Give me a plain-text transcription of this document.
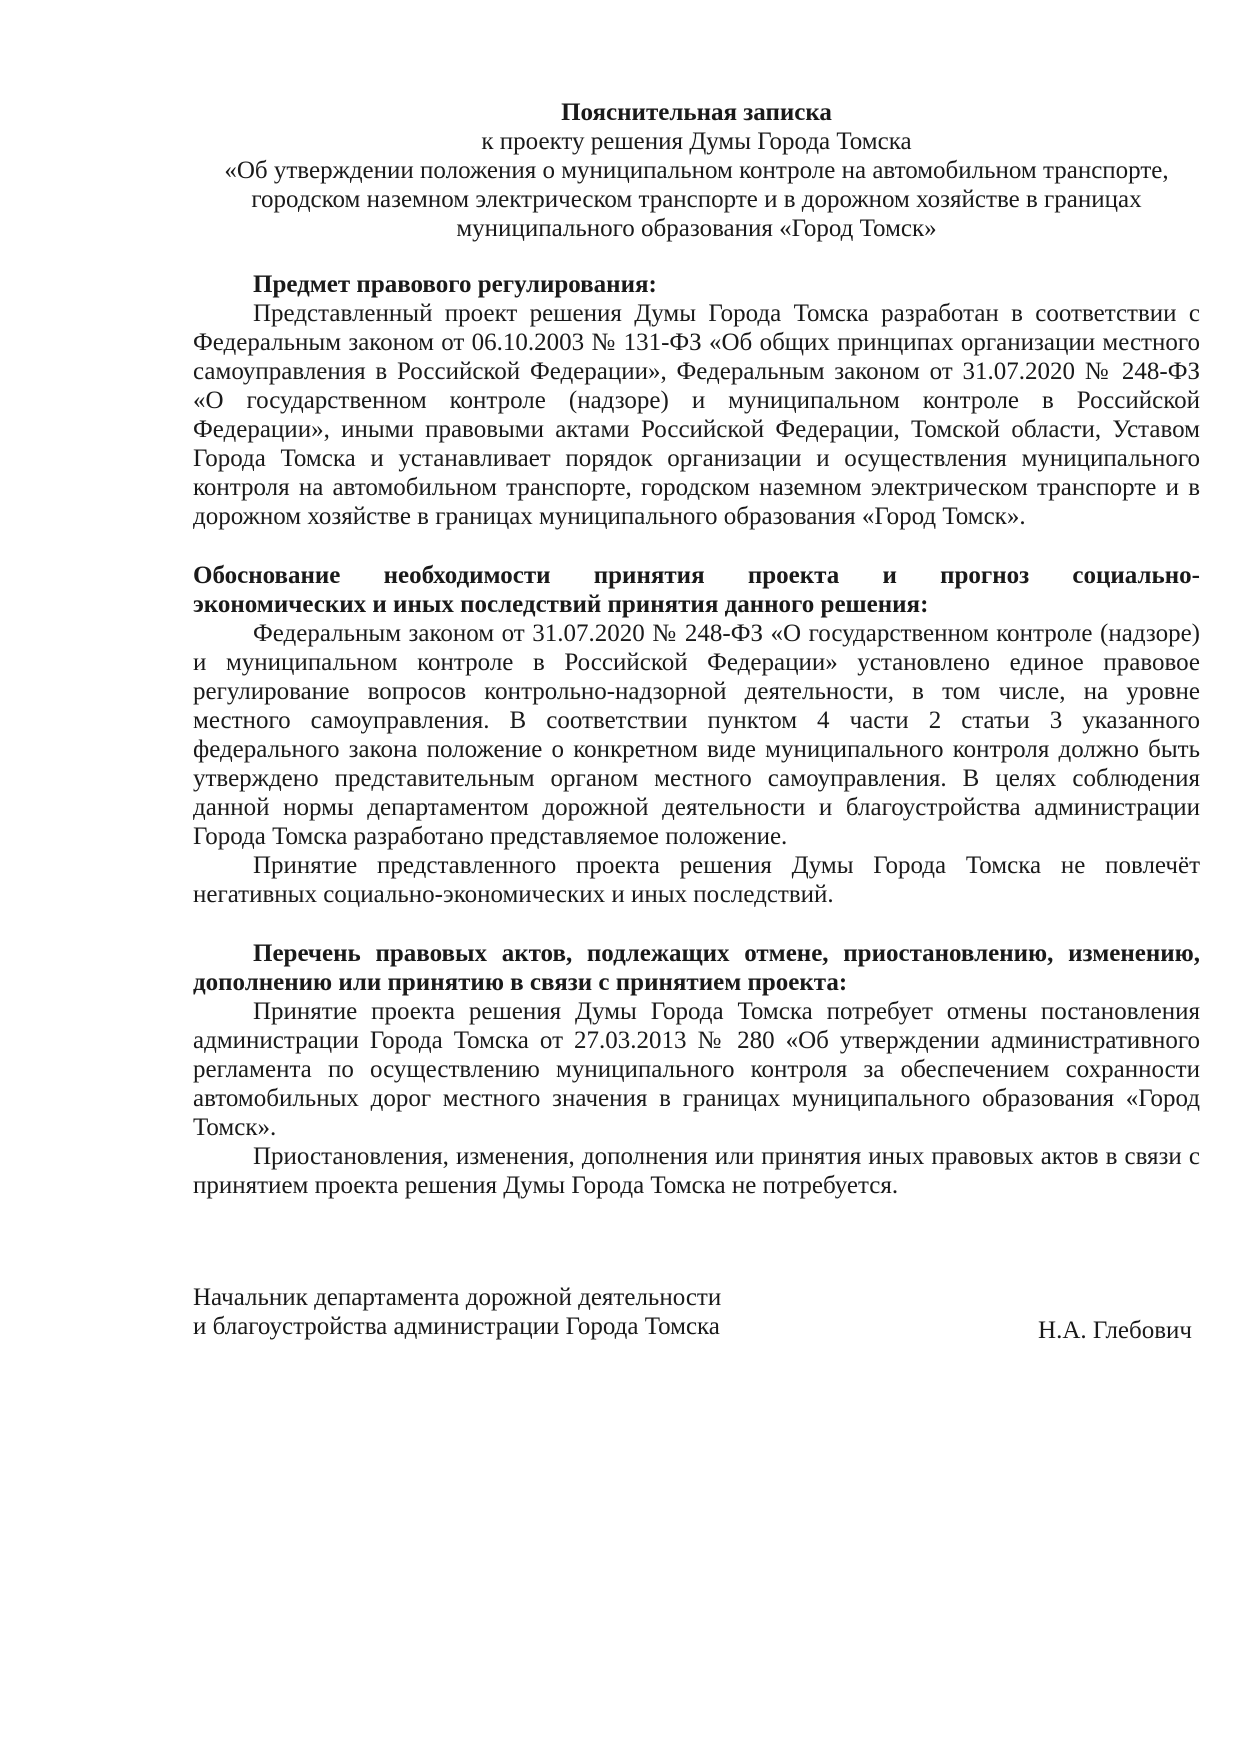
Пояснительная записка
к проекту решения Думы Города Томска
«Об утверждении положения о муниципальном контроле на автомобильном транспорте,
городском наземном электрическом транспорте и в дорожном хозяйстве в границах
муниципального образования «Город Томск»
Предмет правового регулирования:
Представленный проект решения Думы Города Томска разработан в соответствии с
Федеральным законом от 06.10.2003 № 131-ФЗ «Об общих принципах организации местного
самоуправления в Российской Федерации», Федеральным законом от 31.07.2020 № 248-ФЗ
«О государственном контроле (надзоре) и муниципальном контроле в Российской
Федерации», иными правовыми актами Российской Федерации, Томской области, Уставом
Города Томска и устанавливает порядок организации и осуществления муниципального
контроля на автомобильном транспорте, городском наземном электрическом транспорте и в
дорожном хозяйстве в границах муниципального образования «Город Томск».
Обоснование необходимости принятия проекта и прогноз социально-
экономических и иных последствий принятия данного решения:
Федеральным законом от 31.07.2020 № 248-ФЗ «О государственном контроле (надзоре)
и муниципальном контроле в Российской Федерации» установлено единое правовое
регулирование вопросов контрольно-надзорной деятельности, в том числе, на уровне
местного самоуправления. В соответствии пунктом 4 части 2 статьи 3 указанного
федерального закона положение о конкретном виде муниципального контроля должно быть
утверждено представительным органом местного самоуправления. В целях соблюдения
данной нормы департаментом дорожной деятельности и благоустройства администрации
Города Томска разработано представляемое положение.
Принятие представленного проекта решения Думы Города Томска не повлечёт
негативных социально-экономических и иных последствий.
Перечень правовых актов, подлежащих отмене, приостановлению, изменению,
дополнению или принятию в связи с принятием проекта:
Принятие проекта решения Думы Города Томска потребует отмены постановления
администрации Города Томска от 27.03.2013 № 280 «Об утверждении административного
регламента по осуществлению муниципального контроля за обеспечением сохранности
автомобильных дорог местного значения в границах муниципального образования «Город
Томск».
Приостановления, изменения, дополнения или принятия иных правовых актов в связи с
принятием проекта решения Думы Города Томска не потребуется.
Начальник департамента дорожной деятельности
и благоустройства администрации Города Томска	Н.А. Глебович
